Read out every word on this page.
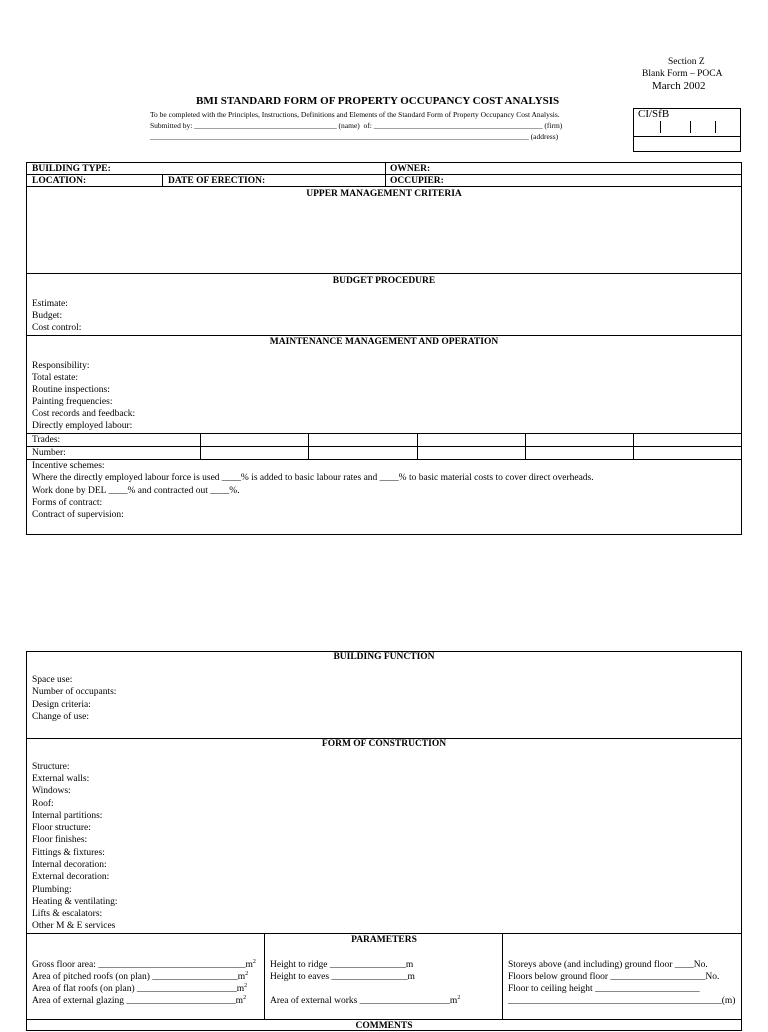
Section Z
Blank Form – POCA
March 2002
BMI STANDARD FORM OF PROPERTY OCCUPANCY COST ANALYSIS
To be completed with the Principles, Instructions, Definitions and Elements of the Standard Form of Property Occupancy Cost Analysis.
Submitted by: ______________________________________ (name)  of: _____________________________________________ (firm)
_____________________________________________________________________________________________________ (address)
CI/SfB
BUILDING TYPE:	OWNER:
LOCATION:	DATE OF ERECTION:	OCCUPIER:
UPPER MANAGEMENT CRITERIA
BUDGET PROCEDURE
Estimate:
Budget:
Cost control:
MAINTENANCE MANAGEMENT AND OPERATION
Responsibility:
Total estate:
Routine inspections:
Painting frequencies:
Cost records and feedback:
Directly employed labour:
Trades:
Number:
Incentive schemes:
Where the directly employed labour force is used ____% is added to basic labour rates and ____% to basic material costs to cover direct overheads.
Work done by DEL ____% and contracted out ____%.
Forms of contract:
Contract of supervision:
BUILDING FUNCTION
Space use:
Number of occupants:
Design criteria:
Change of use:
FORM OF CONSTRUCTION
Structure:
External walls:
Windows:
Roof:
Internal partitions:
Floor structure:
Floor finishes:
Fittings & fixtures:
Internal decoration:
External decoration:
Plumbing:
Heating & ventilating:
Lifts & escalators:
Other M & E services
PARAMETERS
Gross floor area: $\_\_\_\_\_\_\_\_\_\_\_\_\_\_\_\_\_\_\_\_\_\_\_\_\_\_\_\_\_\_\_m^2$
Area of pitched roofs (on plan) $\_\_\_\_\_\_\_\_\_\_\_\_\_\_\_\_\_\_m^2$
Area of flat roofs (on plan) $\_\_\_\_\_\_\_\_\_\_\_\_\_\_\_\_\_\_\_\_\_m^2$
Area of external glazing $\_\_\_\_\_\_\_\_\_\_\_\_\_\_\_\_\_\_\_\_\_\_\_m^2$
Height to ridge ________________m
Height to eaves ________________m
Area of external works $\_\_\_\_\_\_\_\_\_\_\_\_\_\_\_\_\_\_\_m^2$
Storeys above (and including) ground floor ____No.
Floors below ground floor ____________________No.
Floor to ceiling height ______________________
_____________________________________________(m)
COMMENTS
